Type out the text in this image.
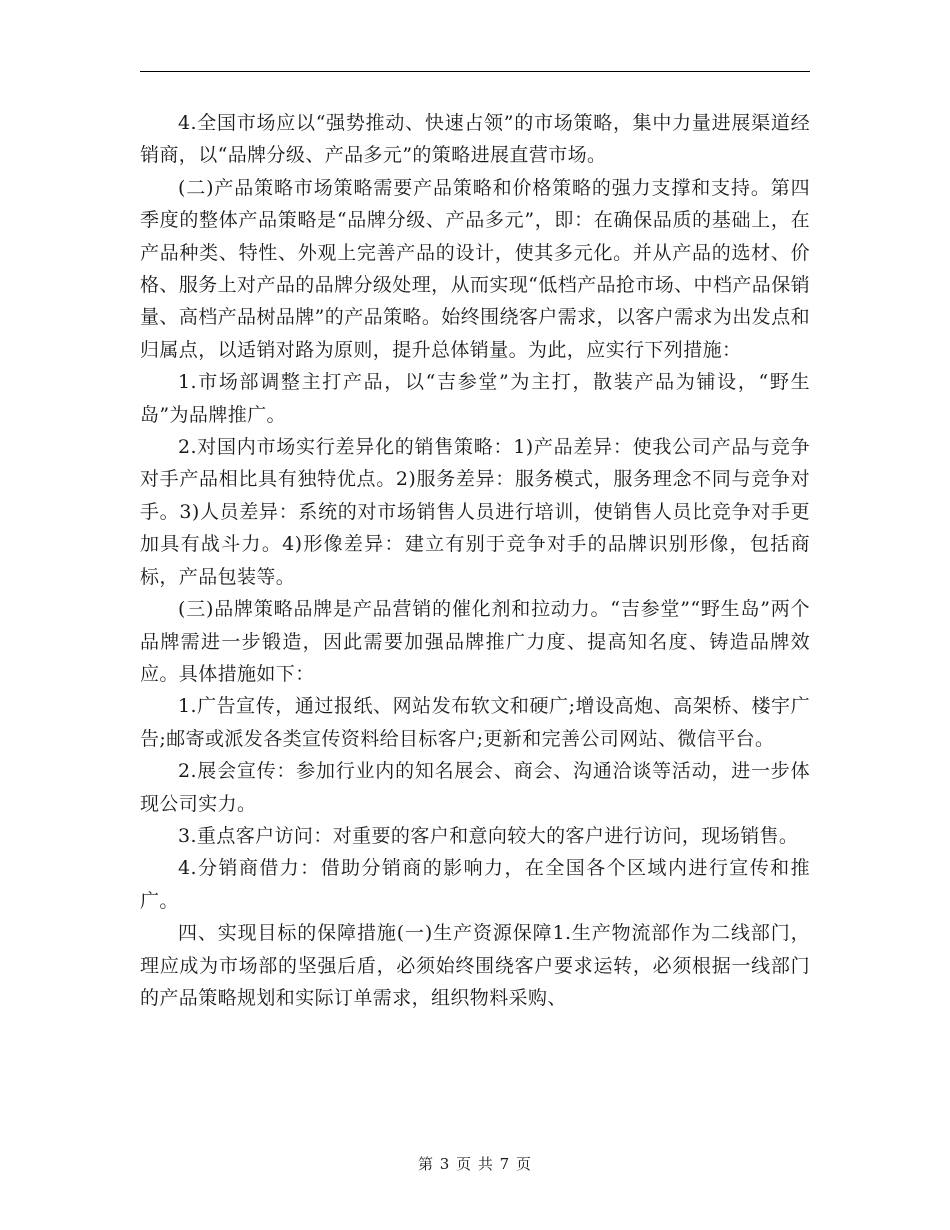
4.全国市场应以“强势推动、快速占领”的市场策略，集中力量进展渠道经销商，以“品牌分级、产品多元”的策略进展直营市场。

(二)产品策略市场策略需要产品策略和价格策略的强力支撑和支持。第四季度的整体产品策略是“品牌分级、产品多元”，即：在确保品质的基础上，在产品种类、特性、外观上完善产品的设计，使其多元化。并从产品的选材、价格、服务上对产品的品牌分级处理，从而实现“低档产品抢市场、中档产品保销量、高档产品树品牌”的产品策略。始终围绕客户需求，以客户需求为出发点和归属点，以适销对路为原则，提升总体销量。为此，应实行下列措施：

1.市场部调整主打产品，以“吉参堂”为主打，散装产品为铺设，“野生岛”为品牌推广。

2.对国内市场实行差异化的销售策略：1)产品差异：使我公司产品与竞争对手产品相比具有独特优点。2)服务差异：服务模式，服务理念不同与竞争对手。3)人员差异：系统的对市场销售人员进行培训，使销售人员比竞争对手更加具有战斗力。4)形像差异：建立有别于竞争对手的品牌识别形像，包括商标，产品包装等。

(三)品牌策略品牌是产品营销的催化剂和拉动力。“吉参堂”“野生岛”两个品牌需进一步锻造，因此需要加强品牌推广力度、提高知名度、铸造品牌效应。具体措施如下：

1.广告宣传，通过报纸、网站发布软文和硬广;增设高炮、高架桥、楼宇广告;邮寄或派发各类宣传资料给目标客户;更新和完善公司网站、微信平台。

2.展会宣传：参加行业内的知名展会、商会、沟通洽谈等活动，进一步体现公司实力。

3.重点客户访问：对重要的客户和意向较大的客户进行访问，现场销售。

4.分销商借力：借助分销商的影响力，在全国各个区域内进行宣传和推广。

四、实现目标的保障措施(一)生产资源保障1.生产物流部作为二线部门，理应成为市场部的坚强后盾，必须始终围绕客户要求运转，必须根据一线部门的产品策略规划和实际订单需求，组织物料采购、

第 3 页 共 7 页
